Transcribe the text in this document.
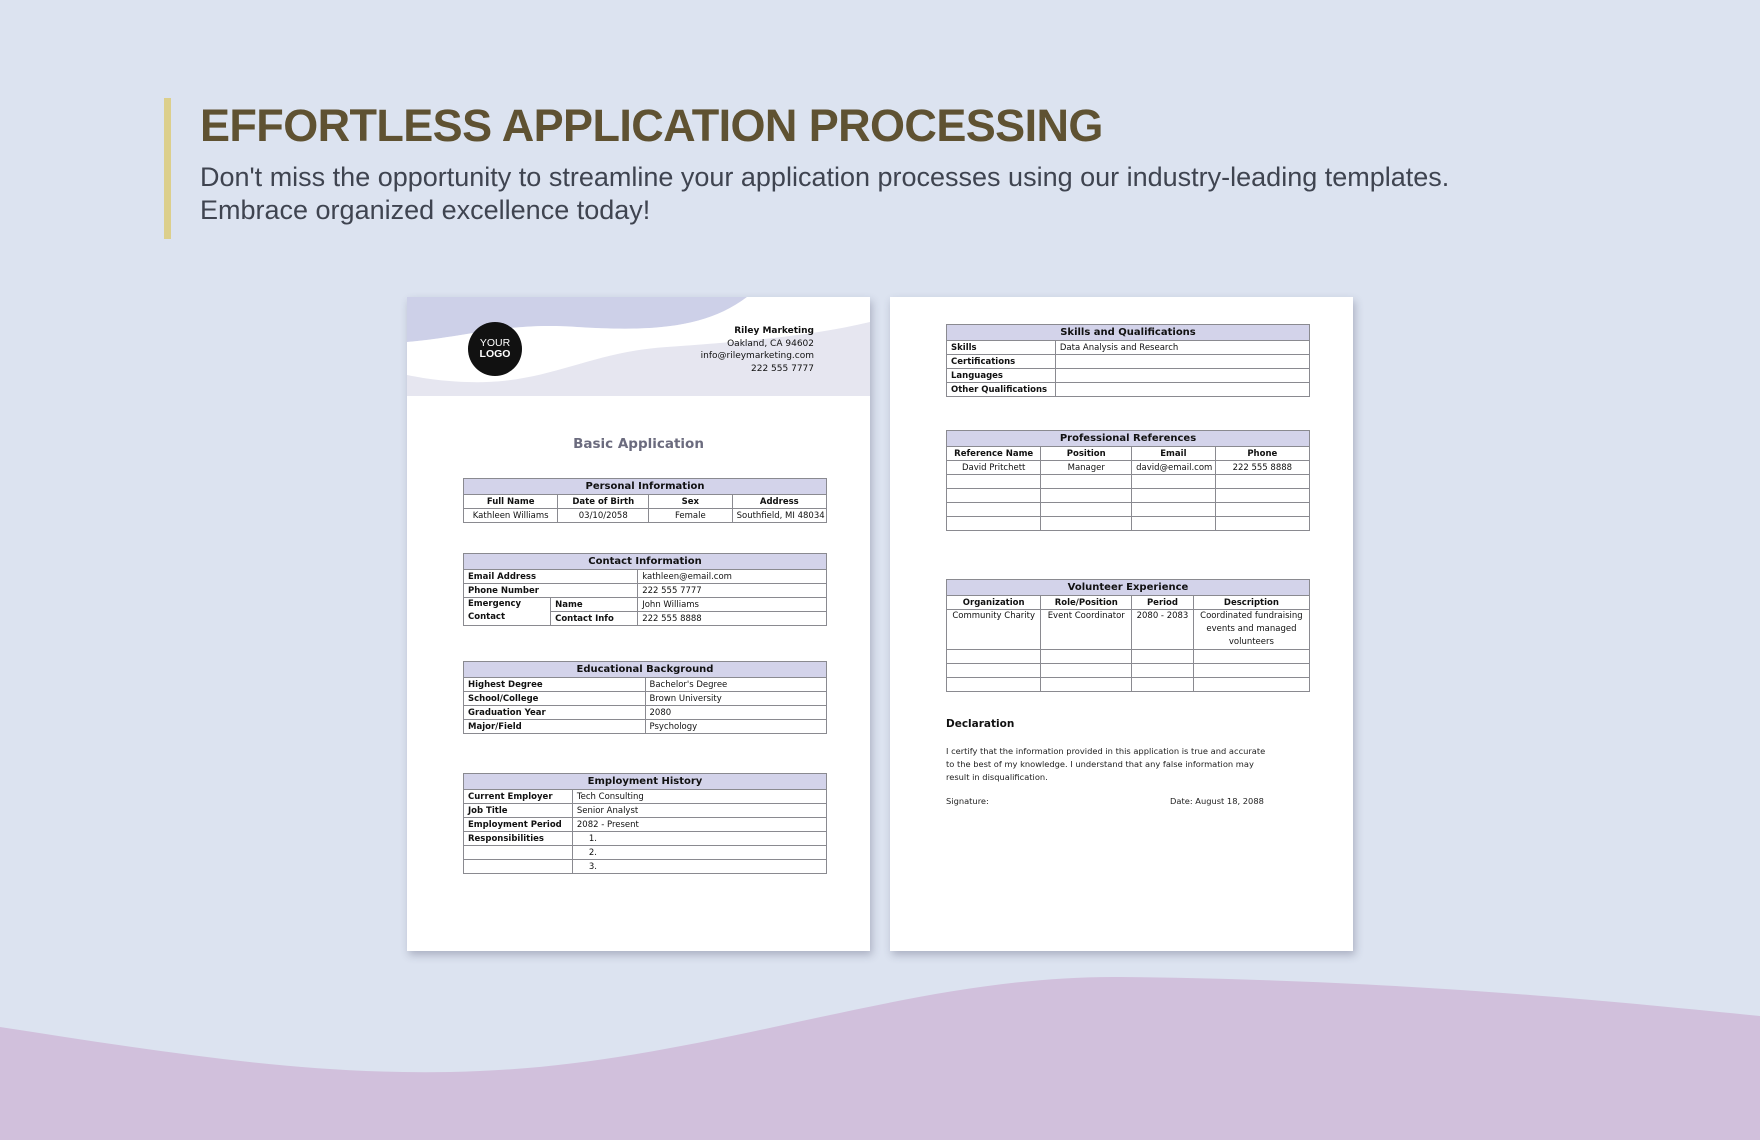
EFFORTLESS APPLICATION PROCESSING
Don't miss the opportunity to streamline your application processes using our industry-leading templates.
Embrace organized excellence today!
YOUR
LOGO
Riley Marketing
Oakland, CA 94602
info@rileymarketing.com
222 555 7777
Basic Application
Personal Information			
Full Name	Date of Birth	Sex	Address
Kathleen Williams	03/10/2058	Female	Southfield, MI 48034
Contact Information		
Email Address		kathleen@email.com
Phone Number		222 555 7777
Emergency Contact	Name	John Williams
	Contact Info	222 555 8888
Educational Background	
Highest Degree	Bachelor's Degree
School/College	Brown University
Graduation Year	2080
Major/Field	Psychology
Employment History	
Current Employer	Tech Consulting
Job Title	Senior Analyst
Employment Period	2082 - Present
Responsibilities	1.
	2.
	3.
Skills and Qualifications	
Skills	Data Analysis and Research
Certifications	
Languages	
Other Qualifications	
Professional References			
Reference Name	Position	Email	Phone
David Pritchett	Manager	david@email.com	222 555 8888

Volunteer Experience			
Organization	Role/Position	Period	Description
Community Charity	Event Coordinator	2080 - 2083	Coordinated fundraising events and managed volunteers

Declaration
I certify that the information provided in this application is true and accurate to the best of my knowledge. I understand that any false information may result in disqualification.
Signature:	Date: August 18, 2088
